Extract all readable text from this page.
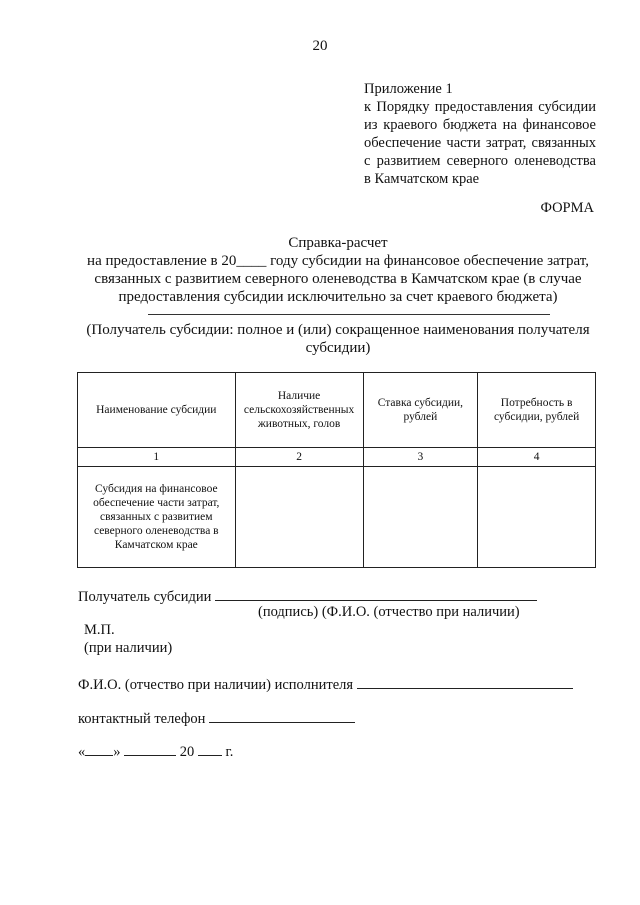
20
Приложение 1
к Порядку предоставления субсидии из краевого бюджета на финансовое обеспечение части затрат, связанных с развитием северного оленеводства в Камчатском крае
ФОРМА
Справка-расчет
на предоставление в 20____ году субсидии на финансовое обеспечение затрат,
связанных с развитием северного оленеводства в Камчатском крае (в случае
предоставления субсидии исключительно за счет краевого бюджета)
(Получатель субсидии: полное и (или) сокращенное наименования получателя субсидии)
Наименование субсидии	Наличие сельскохозяйственных животных, голов	Ставка субсидии, рублей	Потребность в субсидии, рублей
1	2	3	4
Субсидия на финансовое обеспечение части затрат, связанных с развитием северного оленеводства в Камчатском крае			
Получатель субсидии
(подпись) (Ф.И.О. (отчество при наличии)
М.П.
(при наличии)
Ф.И.О. (отчество при наличии) исполнителя
контактный телефон
« »	20 г.
